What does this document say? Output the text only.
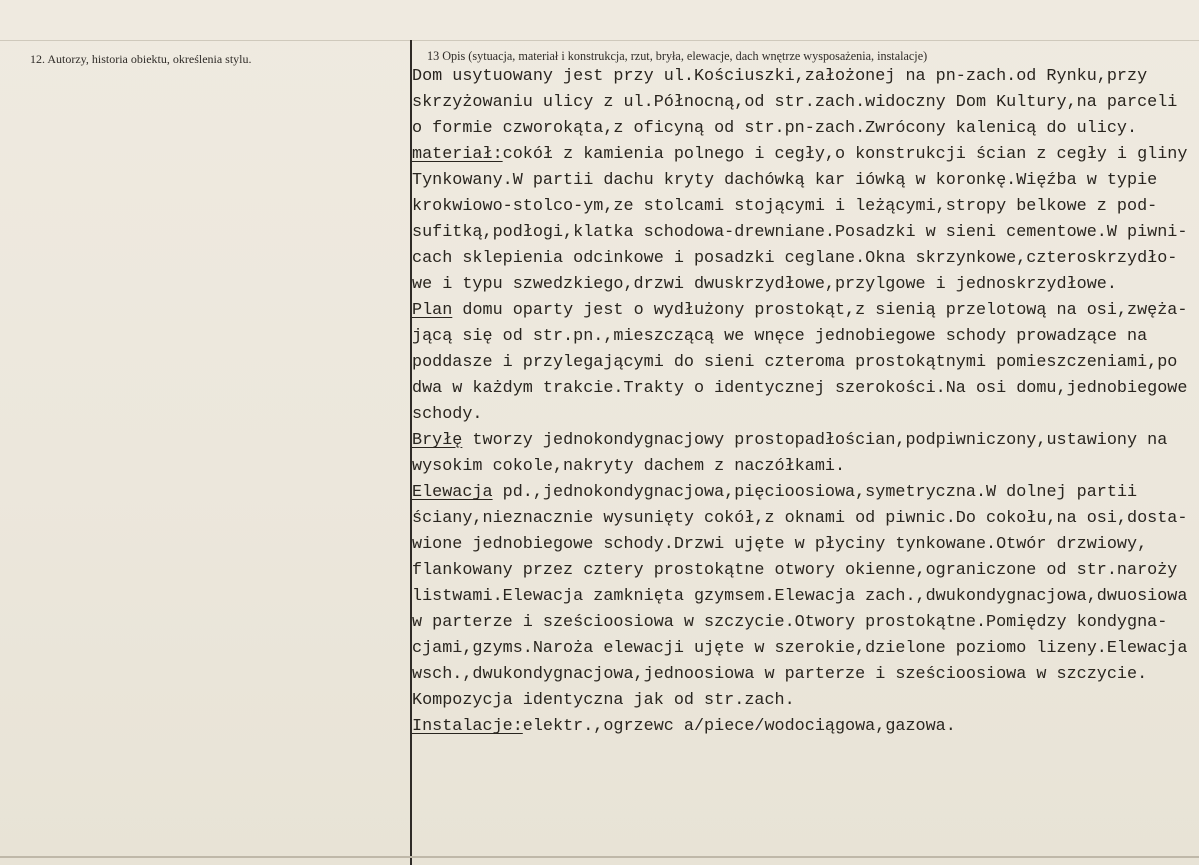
12. Autorzy, historia obiektu, określenia stylu.	13 Opis (sytuacja, materiał i konstrukcja, rzut, bryła, elewacje, dach wnętrze wysposażenia, instalacje)
Dom usytuowany jest przy ul.Kościuszki,założonej na pn-zach.od Rynku,przy
skrzyżowaniu ulicy z ul.Północną,od str.zach.widoczny Dom Kultury,na parceli
o formie czworokąta,z oficyną od str.pn-zach.Zwrócony kalenicą do ulicy.
materiał:cokół z kamienia polnego i cegły,o konstrukcji ścian z cegły i gliny
Tynkowany.W partii dachu kryty dachówką kar iówką w koronkę.Więźba w typie
krokwiowo-stolco-ym,ze stolcami stojącymi i leżącymi,stropy belkowe z pod-
sufitką,podłogi,klatka schodowa-drewniane.Posadzki w sieni cementowe.W piwni-
cach sklepienia odcinkowe i posadzki ceglane.Okna skrzynkowe,czteroskrzydło-
we i typu szwedzkiego,drzwi dwuskrzydłowe,przylgowe i jednoskrzydłowe.
Plan domu oparty jest o wydłużony prostokąt,z sienią przelotową na osi,zwęża-
jącą się od str.pn.,mieszczącą we wnęce jednobiegowe schody prowadzące na
poddasze i przylegającymi do sieni czteroma prostokątnymi pomieszczeniami,po
dwa w każdym trakcie.Trakty o identycznej szerokości.Na osi domu,jednobiegowe
schody.
Bryłę tworzy jednokondygnacjowy prostopadłościan,podpiwniczony,ustawiony na
wysokim cokole,nakryty dachem z naczółkami.
Elewacja pd.,jednokondygnacjowa,pięcioosiowa,symetryczna.W dolnej partii
ściany,nieznacznie wysunięty cokół,z oknami od piwnic.Do cokołu,na osi,dosta-
wione jednobiegowe schody.Drzwi ujęte w płyciny tynkowane.Otwór drzwiowy,
flankowany przez cztery prostokątne otwory okienne,ograniczone od str.naroży
listwami.Elewacja zamknięta gzymsem.Elewacja zach.,dwukondygnacjowa,dwuosiowa
w parterze i sześcioosiowa w szczycie.Otwory prostokątne.Pomiędzy kondygna-
cjami,gzyms.Naroża elewacji ujęte w szerokie,dzielone poziomo lizeny.Elewacja
wsch.,dwukondygnacjowa,jednoosiowa w parterze i sześcioosiowa w szczycie.
Kompozycja identyczna jak od str.zach.
Instalacje:elektr.,ogrzewc a/piece/wodociągowa,gazowa.
